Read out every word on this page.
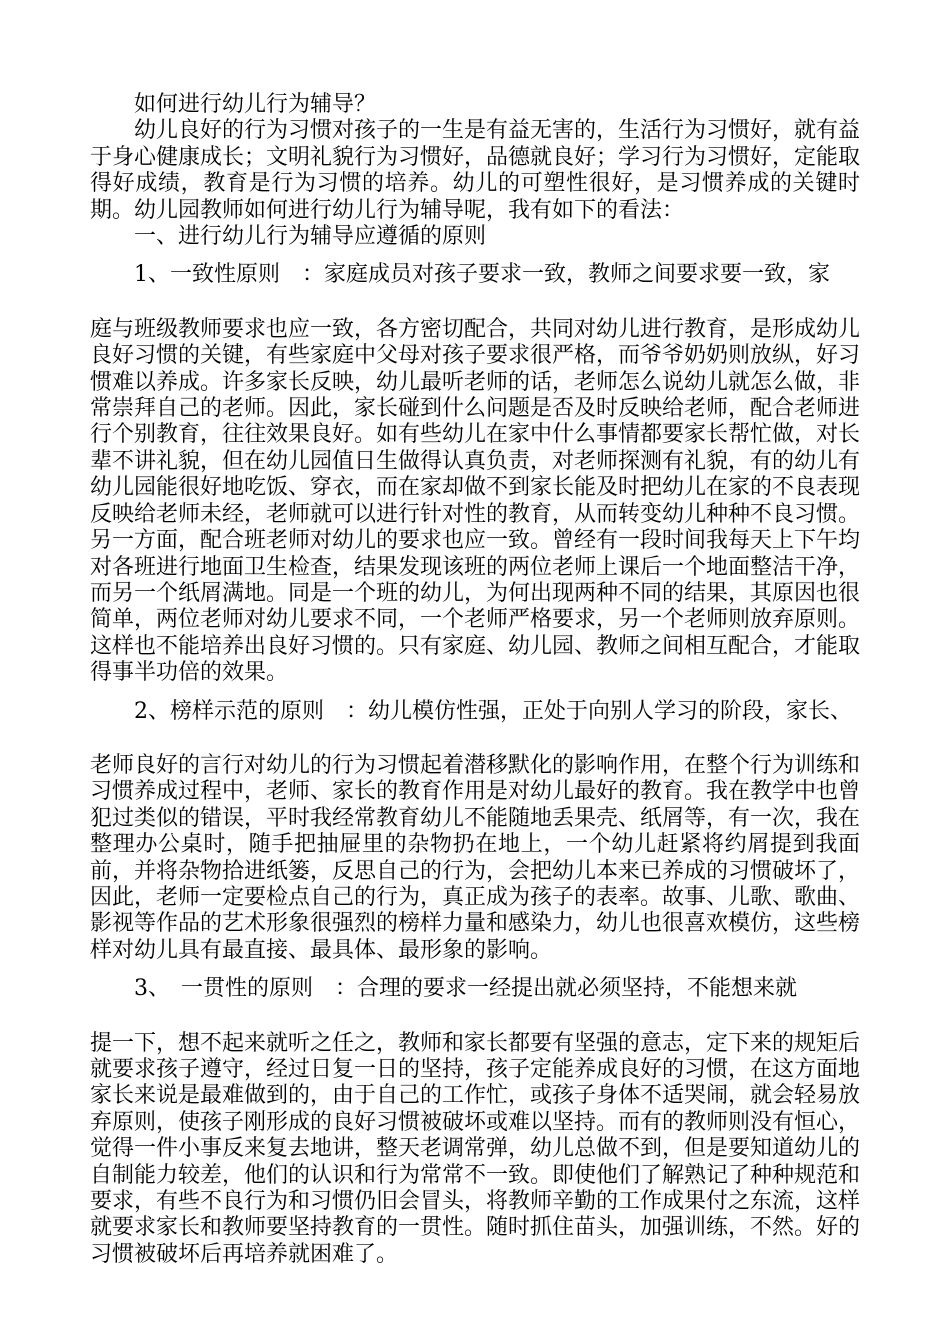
如何进行幼儿行为辅导？

幼儿良好的行为习惯对孩子的一生是有益无害的，生活行为习惯好，就有益于身心健康成长；文明礼貌行为习惯好，品德就良好；学习行为习惯好，定能取得好成绩，教育是行为习惯的培养。幼儿的可塑性很好，是习惯养成的关键时期。幼儿园教师如何进行幼儿行为辅导呢，我有如下的看法：

一、进行幼儿行为辅导应遵循的原则

1、一致性原则　：家庭成员对孩子要求一致，教师之间要求要一致，家

庭与班级教师要求也应一致，各方密切配合，共同对幼儿进行教育，是形成幼儿良好习惯的关键，有些家庭中父母对孩子要求很严格，而爷爷奶奶则放纵，好习惯难以养成。许多家长反映，幼儿最听老师的话，老师怎么说幼儿就怎么做，非常崇拜自己的老师。因此，家长碰到什么问题是否及时反映给老师，配合老师进行个别教育，往往效果良好。如有些幼儿在家中什么事情都要家长帮忙做，对长辈不讲礼貌，但在幼儿园值日生做得认真负责，对老师探测有礼貌，有的幼儿有幼儿园能很好地吃饭、穿衣，而在家却做不到家长能及时把幼儿在家的不良表现反映给老师未经，老师就可以进行针对性的教育，从而转变幼儿种种不良习惯。另一方面，配合班老师对幼儿的要求也应一致。曾经有一段时间我每天上下午均对各班进行地面卫生检查，结果发现该班的两位老师上课后一个地面整洁干净，而另一个纸屑满地。同是一个班的幼儿，为何出现两种不同的结果，其原因也很简单，两位老师对幼儿要求不同，一个老师严格要求，另一个老师则放弃原则。这样也不能培养出良好习惯的。只有家庭、幼儿园、教师之间相互配合，才能取得事半功倍的效果。

2、榜样示范的原则　：幼儿模仿性强，正处于向别人学习的阶段，家长、

老师良好的言行对幼儿的行为习惯起着潜移默化的影响作用，在整个行为训练和习惯养成过程中，老师、家长的教育作用是对幼儿最好的教育。我在教学中也曾犯过类似的错误，平时我经常教育幼儿不能随地丢果壳、纸屑等，有一次，我在整理办公桌时，随手把抽屉里的杂物扔在地上，一个幼儿赶紧将约屑提到我面前，并将杂物拾进纸篓，反思自己的行为，会把幼儿本来已养成的习惯破坏了，因此，老师一定要检点自己的行为，真正成为孩子的表率。故事、儿歌、歌曲、影视等作品的艺术形象很强烈的榜样力量和感染力，幼儿也很喜欢模仿，这些榜样对幼儿具有最直接、最具体、最形象的影响。

3、　一贯性的原则　：合理的要求一经提出就必须坚持，不能想来就

提一下，想不起来就听之任之，教师和家长都要有坚强的意志，定下来的规矩后就要求孩子遵守，经过日复一日的坚持，孩子定能养成良好的习惯，在这方面地家长来说是最难做到的，由于自己的工作忙，或孩子身体不适哭闹，就会轻易放弃原则，使孩子刚形成的良好习惯被破坏或难以坚持。而有的教师则没有恒心，觉得一件小事反来复去地讲，整天老调常弹，幼儿总做不到，但是要知道幼儿的自制能力较差，他们的认识和行为常常不一致。即使他们了解熟记了种种规范和要求，有些不良行为和习惯仍旧会冒头，将教师辛勤的工作成果付之东流，这样就要求家长和教师要坚持教育的一贯性。随时抓住苗头，加强训练，不然。好的习惯被破坏后再培养就困难了。
